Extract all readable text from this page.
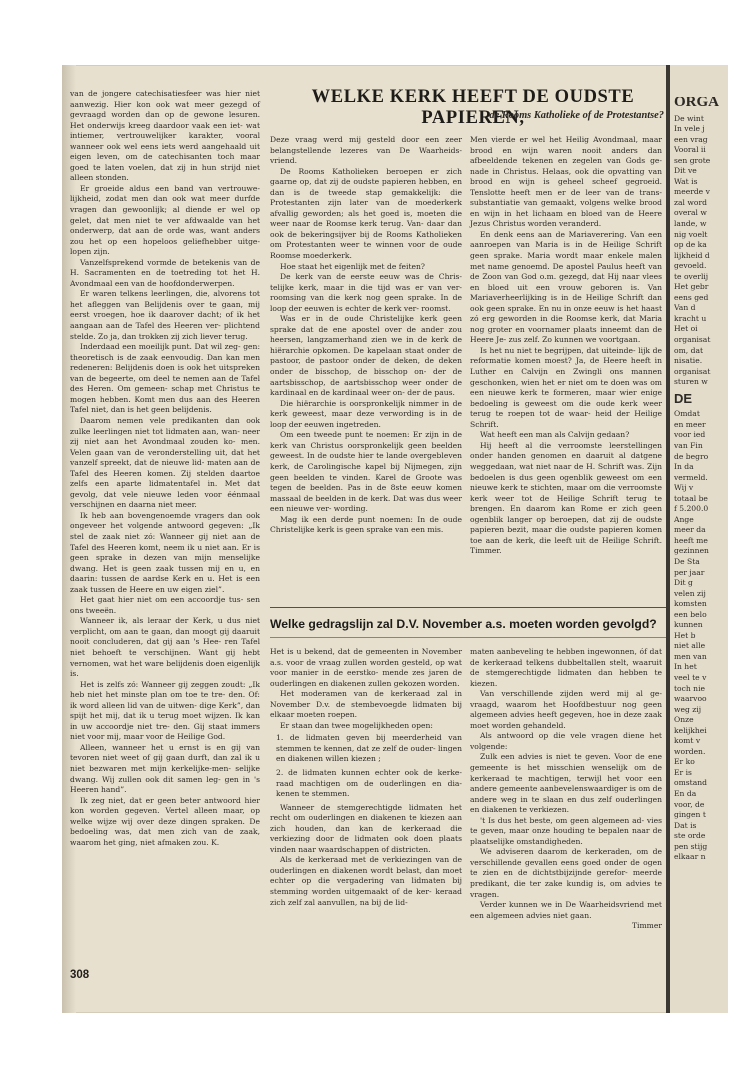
van de jongere catechisatiesfeer was hier niet aanwezig. Hier kon ook wat meer gezegd of gevraagd worden dan op de gewone lesuren. Het onderwijs kreeg daardoor vaak een iet- wat intiemer, vertrouwelijker karakter, vooral wanneer ook wel eens iets werd aangehaald uit eigen leven, om de catechisanten toch maar goed te laten voelen, dat zij in hun strijd niet alleen stonden.

Er groeide aldus een band van vertrouwe- lijkheid, zodat men dan ook wat meer durfde vragen dan gewoonlijk; al diende er wel op gelet, dat men niet te ver afdwaalde van het onderwerp, dat aan de orde was, want anders zou het op een hopeloos geliefhebber uitge- lopen zijn.

Vanzelfsprekend vormde de betekenis van de H. Sacramenten en de toetreding tot het H. Avondmaal een van de hoofdonderwerpen.

Er waren telkens leerlingen, die, alvorens tot het afleggen van Belijdenis over te gaan, mij eerst vroegen, hoe ik daarover dacht; of ik het aangaan aan de Tafel des Heeren ver- plichtend stelde. Zo ja, dan trokken zij zich liever terug.

Inderdaad een moeilijk punt. Dat wil zeg- gen: theoretisch is de zaak eenvoudig. Dan kan men redeneren: Belijdenis doen is ook het uitspreken van de begeerte, om deel te nemen aan de Tafel des Heren. Om gemeen- schap met Christus te mogen hebben. Komt men dus aan des Heeren Tafel niet, dan is het geen belijdenis.

Daarom nemen vele predikanten dan ook zulke leerlingen niet tot lidmaten aan, wan- neer zij niet aan het Avondmaal zouden ko- men. Velen gaan van de veronderstelling uit, dat het vanzelf spreekt, dat de nieuwe lid- maten aan de Tafel des Heeren komen. Zij stelden daartoe zelfs een aparte lidmatentafel in. Met dat gevolg, dat vele nieuwe leden voor éénmaal verschijnen en daarna niet meer.

Ik heb aan bovengenoemde vragers dan ook ongeveer het volgende antwoord gegeven: „Ik stel de zaak niet zó: Wanneer gij niet aan de Tafel des Heeren komt, neem ik u niet aan. Er is geen sprake in dezen van mijn menselijke dwang. Het is geen zaak tussen mij en u, en daarin: tussen de aardse Kerk en u. Het is een zaak tussen de Heere en uw eigen ziel”.

Het gaat hier niet om een accoordje tus- sen ons tweeën.

Wanneer ik, als leraar der Kerk, u dus niet verplicht, om aan te gaan, dan moogt gij daaruit nooit concluderen, dat gij aan 's Hee- ren Tafel niet behoeft te verschijnen. Want gij hebt vernomen, wat het ware belijdenis doen eigenlijk is.

Het is zelfs zó: Wanneer gij zeggen zoudt: „Ik heb niet het minste plan om toe te tre- den. Of: ik word alleen lid van de uitwen- dige Kerk”, dan spijt het mij, dat ik u terug moet wijzen. Ik kan in uw accoordje niet tre- den. Gij staat immers niet voor mij, maar voor de Heilige God.

Alleen, wanneer het u ernst is en gij van tevoren niet weet of gij gaan durft, dan zal ik u niet bezwaren met mijn kerkelijke-men- selijke dwang. Wij zullen ook dit samen leg- gen in 's Heeren hand”.

Ik zeg niet, dat er geen beter antwoord hier kon worden gegeven. Vertel alleen maar, op welke wijze wij over deze dingen spraken. De bedoeling was, dat men zich van de zaak, waarom het ging, niet afmaken zou. K.

WELKE KERK HEEFT DE OUDSTE PAPIEREN,
de Rooms Katholieke of de Protestantse?

Deze vraag werd mij gesteld door een zeer belangstellende lezeres van De Waarheids- vriend.

De Rooms Katholieken beroepen er zich gaarne op, dat zij de oudste papieren hebben, en dan is de tweede stap gemakkelijk: die Protestanten zijn later van de moederkerk afvallig geworden; als het goed is, moeten die weer naar de Roomse kerk terug. Van- daar dan ook de bekeringsijver bij de Rooms Katholieken om Protestanten weer te winnen voor de oude Roomse moederkerk.

Hoe staat het eigenlijk met de feiten?

De kerk van de eerste eeuw was de Chris- telijke kerk, maar in die tijd was er van ver- roomsing van die kerk nog geen sprake. In de loop der eeuwen is echter de kerk ver- roomst.

Was er in de oude Christelijke kerk geen sprake dat de ene apostel over de ander zou heersen, langzamerhand zien we in de kerk de hiërarchie opkomen. De kapelaan staat onder de pastoor, de pastoor onder de deken, de deken onder de bisschop, de bisschop on- der de aartsbisschop, de aartsbisschop weer onder de kardinaal en de kardinaal weer on- der de paus.

Die hiërarchie is oorspronkelijk nimmer in de kerk geweest, maar deze verwording is in de loop der eeuwen ingetreden.

Om een tweede punt te noemen: Er zijn in de kerk van Christus oorspronkelijk geen beelden geweest. In de oudste hier te lande overgebleven kerk, de Carolingische kapel bij Nijmegen, zijn geen beelden te vinden. Karel de Groote was tegen de beelden. Pas in de 8ste eeuw komen massaal de beelden in de kerk. Dat was dus weer een nieuwe ver- wording.

Mag ik een derde punt noemen: In de oude Christelijke kerk is geen sprake van een mis.

Men vierde er wel het Heilig Avondmaal, maar brood en wijn waren nooit anders dan afbeeldende tekenen en zegelen van Gods ge- nade in Christus. Helaas, ook die opvatting van brood en wijn is geheel scheef gegroeid. Tenslotte heeft men er de leer van de trans- substantiatie van gemaakt, volgens welke brood en wijn in het lichaam en bloed van de Heere Jezus Christus worden veranderd.

En denk eens aan de Mariaverering. Van een aanroepen van Maria is in de Heilige Schrift geen sprake. Maria wordt maar enkele malen met name genoemd. De apostel Paulus heeft van de Zoon van God o.m. gezegd, dat Hij naar vlees en bloed uit een vrouw geboren is. Van Mariaverheerlijking is in de Heilige Schrift dan ook geen sprake. En nu in onze eeuw is het haast zó erg geworden in die Roomse kerk, dat Maria nog groter en voornamer plaats inneemt dan de Heere Je- zus zelf. Zo kunnen we voortgaan.

Is het nu niet te begrijpen, dat uiteinde- lijk de reformatie komen moest? Ja, de Heere heeft in Luther en Calvijn en Zwingli ons mannen geschonken, wien het er niet om te doen was om een nieuwe kerk te formeren, maar wier enige bedoeling is geweest om die oude kerk weer terug te roepen tot de waar- heid der Heilige Schrift.

Wat heeft een man als Calvijn gedaan?

Hij heeft al die verroomste leerstellingen onder handen genomen en daaruit al datgene weggedaan, wat niet naar de H. Schrift was. Zijn bedoelen is dus geen ogenblik geweest om een nieuwe kerk te stichten, maar om die verroomste kerk weer tot de Heilige Schrift terug te brengen. En daarom kan Rome er zich geen ogenblik langer op beroepen, dat zij de oudste papieren bezit, maar die oudste papieren komen toe aan de kerk, die leeft uit de Heilige Schrift. Timmer.

Welke gedragslijn zal D.V. November a.s. moeten worden gevolgd?

Het is u bekend, dat de gemeenten in November a.s. voor de vraag zullen worden gesteld, op wat voor manier in de eerstko- mende zes jaren de ouderlingen en diakenen zullen gekozen worden.

Het moderamen van de kerkeraad zal in November D.v. de stembevoegde lidmaten bij elkaar moeten roepen.

Er staan dan twee mogelijkheden open:

1. de lidmaten geven bij meerderheid van stemmen te kennen, dat ze zelf de ouder- lingen en diakenen willen kiezen ;
2. de lidmaten kunnen echter ook de kerke- raad machtigen om de ouderlingen en dia- kenen te stemmen.

Wanneer de stemgerechtigde lidmaten het recht om ouderlingen en diakenen te kiezen aan zich houden, dan kan de kerkeraad die verkiezing door de lidmaten ook doen plaats vinden naar waardschappen of districten.

Als de kerkeraad met de verkiezingen van de ouderlingen en diakenen wordt belast, dan moet echter op die vergadering van lidmaten bij stemming worden uitgemaakt of de ker- keraad zich zelf zal aanvullen, na bij de lid-

maten aanbeveling te hebben ingewonnen, óf dat de kerkeraad telkens dubbeltallen stelt, waaruit de stemgerechtigde lidmaten dan hebben te kiezen.

Van verschillende zijden werd mij al ge- vraagd, waarom het Hoofdbestuur nog geen algemeen advies heeft gegeven, hoe in deze zaak moet worden gehandeld.

Als antwoord op die vele vragen diene het volgende:

Zulk een advies is niet te geven. Voor de ene gemeente is het misschien wenselijk om de kerkeraad te machtigen, terwijl het voor een andere gemeente aanbevelenswaardiger is om de andere weg in te slaan en dus zelf ouderlingen en diakenen te verkiezen.

't Is dus het beste, om geen algemeen ad- vies te geven, maar onze houding te bepalen naar de plaatselijke omstandigheden.

We adviseren daarom de kerkeraden, om de verschillende gevallen eens goed onder de ogen te zien en de dichtstbijzijnde gerefor- meerde predikant, die ter zake kundig is, om advies te vragen.

Verder kunnen we in De Waarheidsvriend met een algemeen advies niet gaan.

Timmer

308
ORGA
De wint
In vele j
een vrag
Vooral ii
sen grote
Dit ve
Wat is
meerde v
zal word
overal w
lande, w
nig voelt
op de ka
lijkheid d
gevoeld.
te overlij
Het gebr
eens ged
Van d
kracht u
Het oi
organisat
om, dat
nisatie.
organisat
sturen w
DE
Omdat
en meer
voor ied
van Fin
de begro
In da
vermeld.
Wij v
totaal be
f 5.200.0
Ange
meer da
heeft me
gezinnen
De Sta
per jaar
Dit g
velen zij
komsten
een belo
kunnen
Het b
niet alle
men van
In het
veel te v
toch nie
waarvoo
weg zij
Onze
kelijkhei
komt v
worden.
Er ko
Er is
omstand
En da
voor, de
gingen t
Dat is
ste orde
pen stijg
elkaar n
